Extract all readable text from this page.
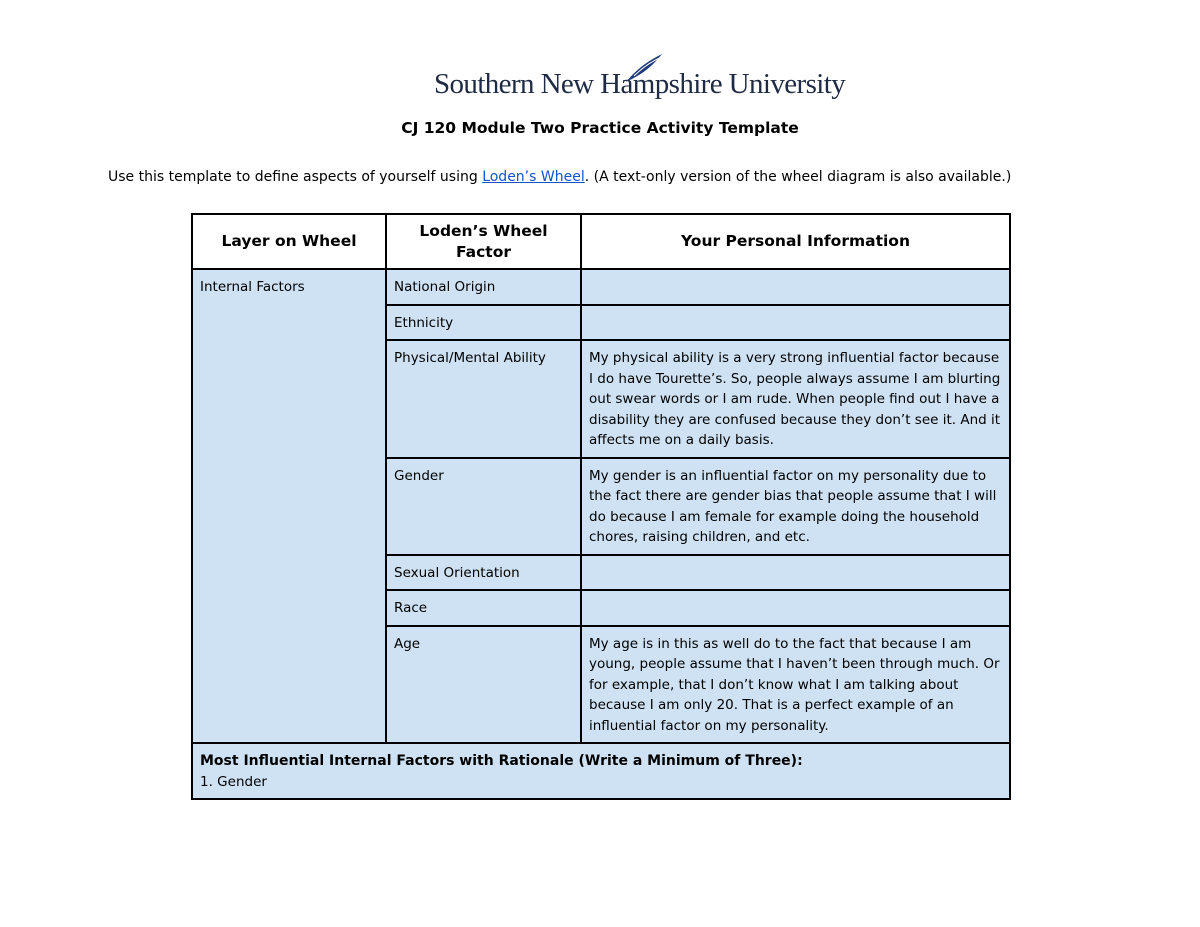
Southern New Hampshire University
CJ 120 Module Two Practice Activity Template
Use this template to define aspects of yourself using Loden’s Wheel. (A text-only version of the wheel diagram is also available.)
Layer on Wheel	Loden’s Wheel Factor	Your Personal Information
Internal Factors	National Origin	
	Ethnicity	
	Physical/Mental Ability	My physical ability is a very strong influential factor because I do have Tourette’s. So, people always assume I am blurting out swear words or I am rude. When people find out I have a disability they are confused because they don’t see it. And it affects me on a daily basis.
	Gender	My gender is an influential factor on my personality due to the fact there are gender bias that people assume that I will do because I am female for example doing the household chores, raising children, and etc.
	Sexual Orientation	
	Race	
	Age	My age is in this as well do to the fact that because I am young, people assume that I haven’t been through much. Or for example, that I don’t know what I am talking about because I am only 20. That is a perfect example of an influential factor on my personality.

Most Influential Internal Factors with Rationale (Write a Minimum of Three):
1. Gender		
